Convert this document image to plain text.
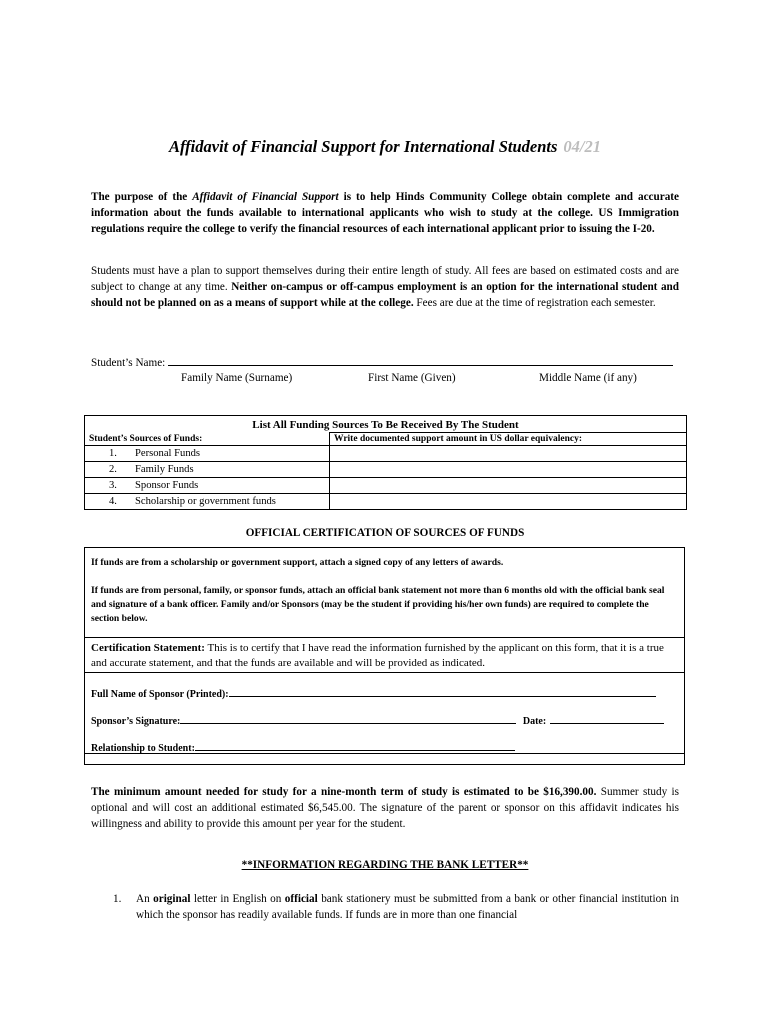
Affidavit of Financial Support for International Students 04/21
The purpose of the Affidavit of Financial Support is to help Hinds Community College obtain complete and accurate information about the funds available to international applicants who wish to study at the college. US Immigration regulations require the college to verify the financial resources of each international applicant prior to issuing the I-20.
Students must have a plan to support themselves during their entire length of study. All fees are based on estimated costs and are subject to change at any time. Neither on-campus or off-campus employment is an option for the international student and should not be planned on as a means of support while at the college. Fees are due at the time of registration each semester.
Student’s Name:
Family Name (Surname)	First Name (Given)	Middle Name (if any)
List All Funding Sources To Be Received By The Student	
Student’s Sources of Funds:	Write documented support amount in US dollar equivalency:
1. Personal Funds	
2. Family Funds	
3. Sponsor Funds	
4. Scholarship or government funds	
OFFICIAL CERTIFICATION OF SOURCES OF FUNDS
If funds are from a scholarship or government support, attach a signed copy of any letters of awards.
If funds are from personal, family, or sponsor funds, attach an official bank statement not more than 6 months old with the official bank seal and signature of a bank officer. Family and/or Sponsors (may be the student if providing his/her own funds) are required to complete the section below.
Certification Statement: This is to certify that I have read the information furnished by the applicant on this form, that it is a true and accurate statement, and that the funds are available and will be provided as indicated.
Full Name of Sponsor (Printed):
Sponsor’s Signature:	Date:
Relationship to Student:
The minimum amount needed for study for a nine-month term of study is estimated to be $16,390.00. Summer study is optional and will cost an additional estimated $6,545.00. The signature of the parent or sponsor on this affidavit indicates his willingness and ability to provide this amount per year for the student.
**INFORMATION REGARDING THE BANK LETTER**
1. An original letter in English on official bank stationery must be submitted from a bank or other financial institution in which the sponsor has readily available funds. If funds are in more than one financial
